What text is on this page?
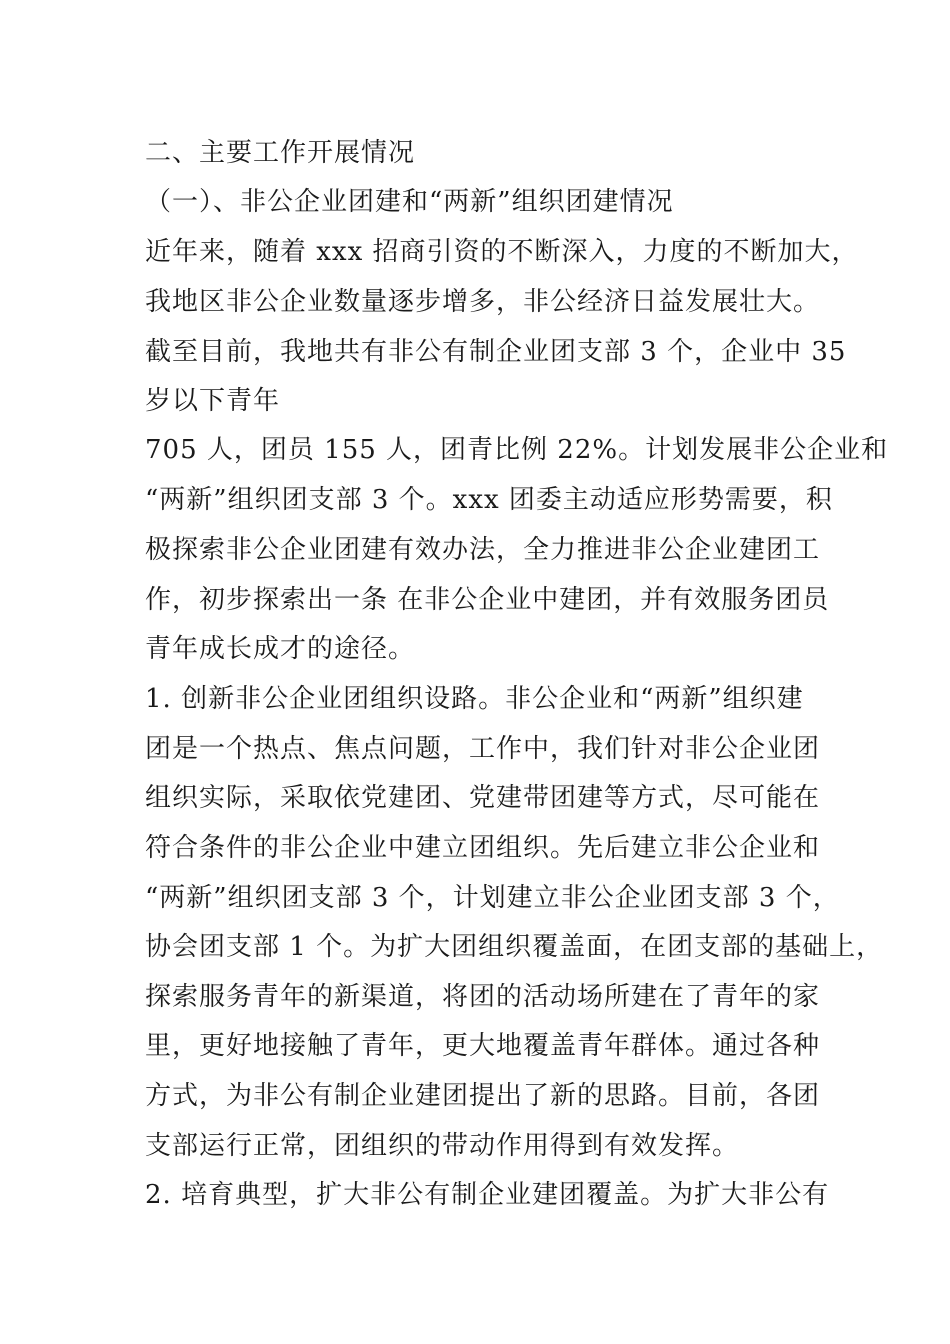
二、主要工作开展情况
（一）、非公企业团建和“两新”组织团建情况
近年来，随着 xxx 招商引资的不断深入，力度的不断加大，
我地区非公企业数量逐步增多，非公经济日益发展壮大。
截至目前，我地共有非公有制企业团支部 3 个，企业中 35
岁以下青年
705 人，团员 155 人，团青比例 22%。计划发展非公企业和
“两新”组织团支部 3 个。xxx 团委主动适应形势需要，积
极探索非公企业团建有效办法，全力推进非公企业建团工
作，初步探索出一条 在非公企业中建团，并有效服务团员
青年成长成才的途径。
1. 创新非公企业团组织设路。非公企业和“两新”组织建
团是一个热点、焦点问题，工作中，我们针对非公企业团
组织实际，采取依党建团、党建带团建等方式，尽可能在
符合条件的非公企业中建立团组织。先后建立非公企业和
“两新”组织团支部 3 个，计划建立非公企业团支部 3 个，
协会团支部 1 个。为扩大团组织覆盖面，在团支部的基础上，
探索服务青年的新渠道，将团的活动场所建在了青年的家
里，更好地接触了青年，更大地覆盖青年群体。通过各种
方式，为非公有制企业建团提出了新的思路。目前，各团
支部运行正常，团组织的带动作用得到有效发挥。
2. 培育典型，扩大非公有制企业建团覆盖。为扩大非公有
